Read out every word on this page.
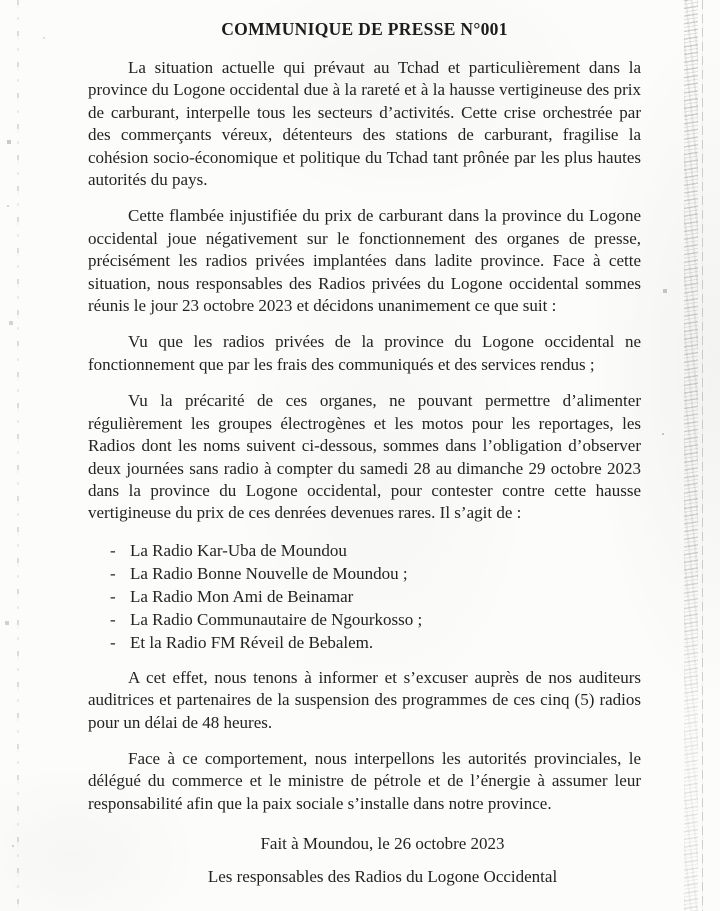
COMMUNIQUE DE PRESSE N°001

La situation actuelle qui prévaut au Tchad et particulièrement dans la province du Logone occidental due à la rareté et à la hausse vertigineuse des prix de carburant, interpelle tous les secteurs d’activités. Cette crise orchestrée par des commerçants véreux, détenteurs des stations de carburant, fragilise la cohésion socio-économique et politique du Tchad tant prônée par les plus hautes autorités du pays.

Cette flambée injustifiée du prix de carburant dans la province du Logone occidental joue négativement sur le fonctionnement des organes de presse, précisément les radios privées implantées dans ladite province. Face à cette situation, nous responsables des Radios privées du Logone occidental sommes réunis le jour 23 octobre 2023 et décidons unanimement ce que suit :

Vu que les radios privées de la province du Logone occidental ne fonctionnement que par les frais des communiqués et des services rendus ;

Vu la précarité de ces organes, ne pouvant permettre d’alimenter régulièrement les groupes électrogènes et les motos pour les reportages, les Radios dont les noms suivent ci-dessous, sommes dans l’obligation d’observer deux journées sans radio à compter du samedi 28 au dimanche 29 octobre 2023 dans la province du Logone occidental, pour contester contre cette hausse vertigineuse du prix de ces denrées devenues rares. Il s’agit de :

- La Radio Kar-Uba de Moundou
- La Radio Bonne Nouvelle de Moundou ;
- La Radio Mon Ami de Beinamar
- La Radio Communautaire de Ngourkosso ;
- Et la Radio FM Réveil de Bebalem.

A cet effet, nous tenons à informer et s’excuser auprès de nos auditeurs auditrices et partenaires de la suspension des programmes de ces cinq (5) radios pour un délai de 48 heures.

Face à ce comportement, nous interpellons les autorités provinciales, le délégué du commerce et le ministre de pétrole et de l’énergie à assumer leur responsabilité afin que la paix sociale s’installe dans notre province.

Fait à Moundou, le 26 octobre 2023

Les responsables des Radios du Logone Occidental
